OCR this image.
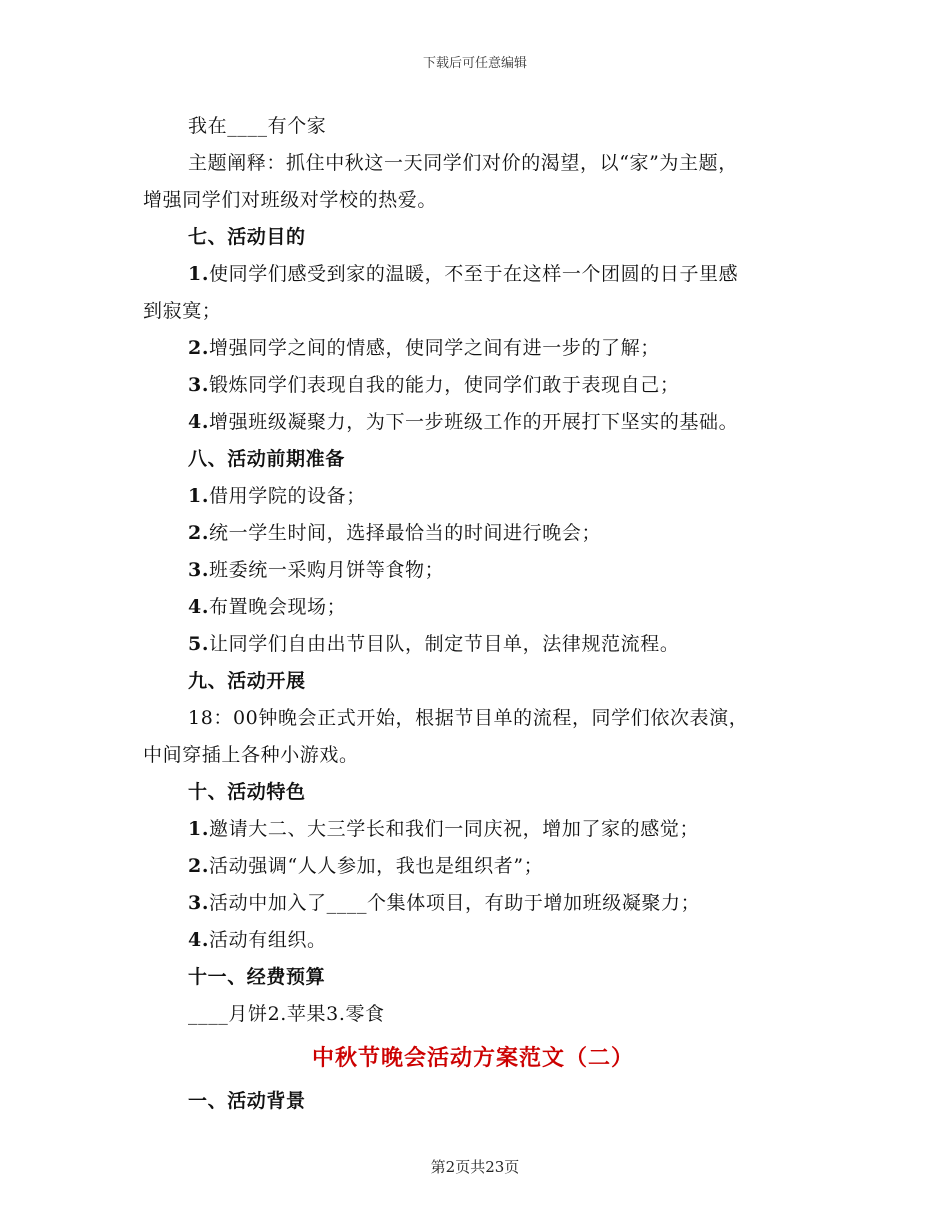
下载后可任意编辑
我在____有个家
主题阐释：抓住中秋这一天同学们对价的渴望，以“家”为主题，
增强同学们对班级对学校的热爱。
七、活动目的
1.使同学们感受到家的温暖，不至于在这样一个团圆的日子里感
到寂寞；
2.增强同学之间的情感，使同学之间有进一步的了解；
3.锻炼同学们表现自我的能力，使同学们敢于表现自己；
4.增强班级凝聚力，为下一步班级工作的开展打下坚实的基础。
八、活动前期准备
1.借用学院的设备；
2.统一学生时间，选择最恰当的时间进行晚会；
3.班委统一采购月饼等食物；
4.布置晚会现场；
5.让同学们自由出节目队，制定节目单，法律规范流程。
九、活动开展
18：00钟晚会正式开始，根据节目单的流程，同学们依次表演，
中间穿插上各种小游戏。
十、活动特色
1.邀请大二、大三学长和我们一同庆祝，增加了家的感觉；
2.活动强调“人人参加，我也是组织者”；
3.活动中加入了____个集体项目，有助于增加班级凝聚力；
4.活动有组织。
十一、经费预算
____月饼2.苹果3.零食
中秋节晚会活动方案范文（二）
一、活动背景
第2页共23页
